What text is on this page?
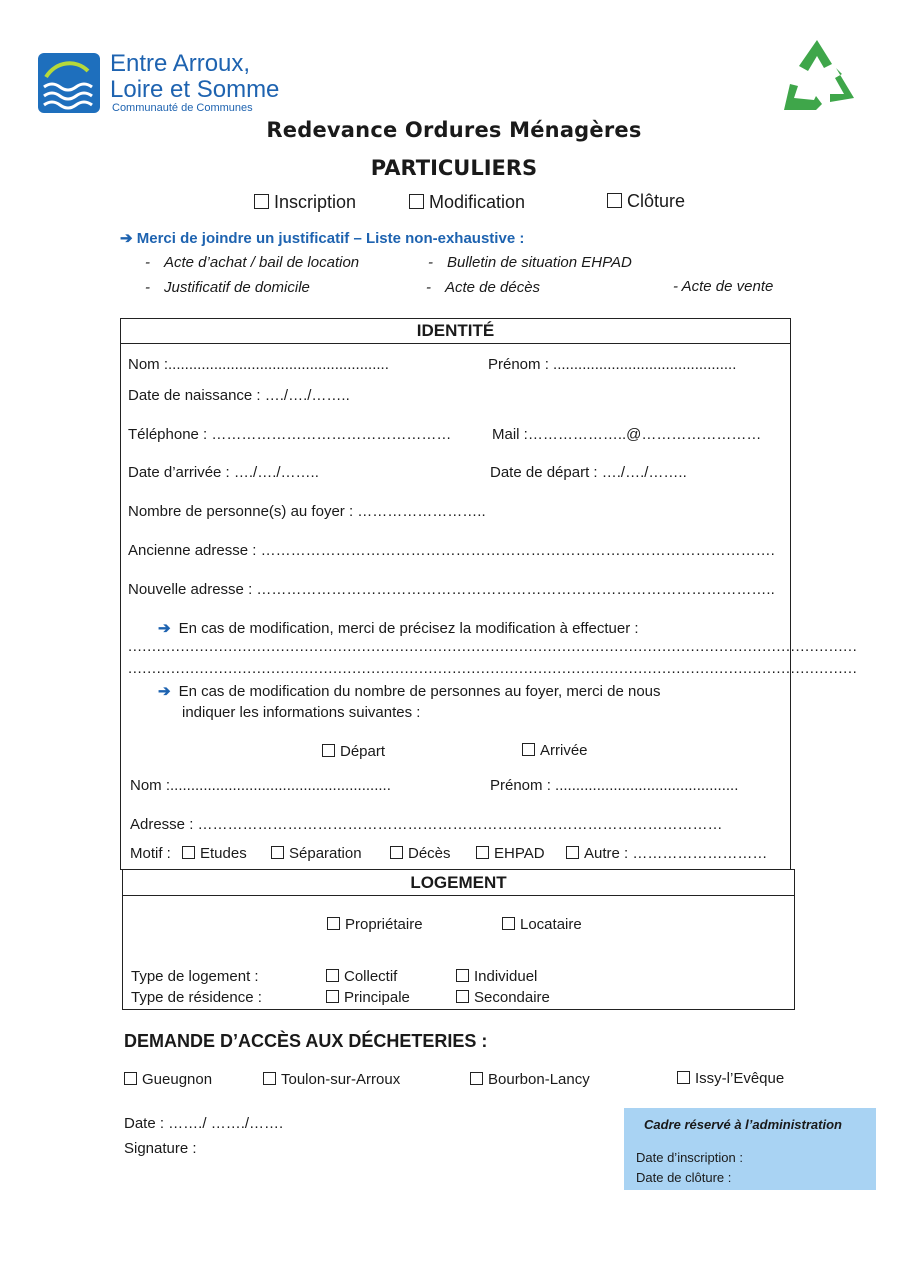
Entre Arroux,
Loire et Somme
Communauté de Communes
Redevance Ordures Ménagères
PARTICULIERS
Inscription	Modification	Clôture
➔ Merci de joindre un justificatif – Liste non-exhaustive :
- Acte d’achat / bail de location	- Bulletin de situation EHPAD
- Justificatif de domicile	- Acte de décès	- Acte de vente
IDENTITÉ
Nom :.....................................................	Prénom : ............................................
Date de naissance : …./…./……..
Téléphone : …………………………………………	Mail :………………..@……………………
Date d’arrivée : …./…./……..	Date de départ : …./…./……..
Nombre de personne(s) au foyer : ……………………..
Ancienne adresse : ………………………………………………………………………………………….
Nouvelle adresse : …………………………………………………………………………………………..
➔ En cas de modification, merci de précisez la modification à effectuer :
.........................................................................................................................................................
.........................................................................................................................................................
➔ En cas de modification du nombre de personnes au foyer, merci de nous
indiquer les informations suivantes :
Départ	Arrivée
Nom :.....................................................	Prénom : ............................................
Adresse : ……………………………………………………………………………………………
Motif :	Etudes	Séparation	Décès	EHPAD	Autre : ………………………
LOGEMENT
Propriétaire	Locataire
Type de logement :	Collectif	Individuel
Type de résidence :	Principale	Secondaire
DEMANDE D’ACCÈS AUX DÉCHETERIES :
Gueugnon	Toulon-sur-Arroux	Bourbon-Lancy	Issy-l’Evêque
Date : ……./ ……./…….
Signature :
Cadre réservé à l’administration
Date d’inscription :
Date de clôture :
